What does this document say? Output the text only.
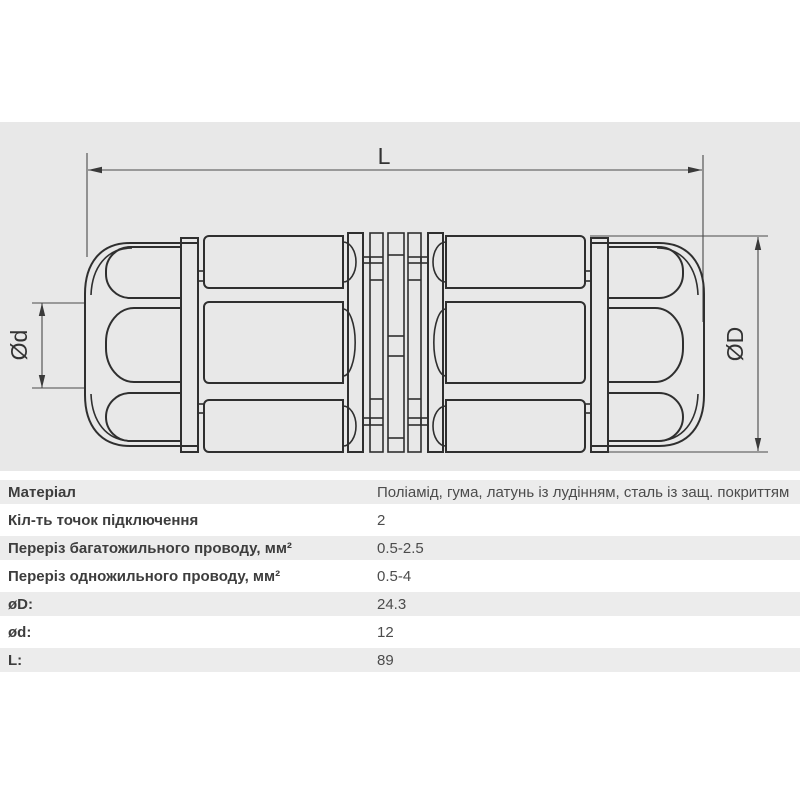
L
Ød	ØD
Матеріал	Поліамід, гума, латунь із лудінням, сталь із защ. покриттям
Кіл-ть точок підключення	2
Переріз багатожильного проводу, мм²	0.5-2.5
Переріз одножильного проводу, мм²	0.5-4
øD:	24.3
ød:	12
L:	89
